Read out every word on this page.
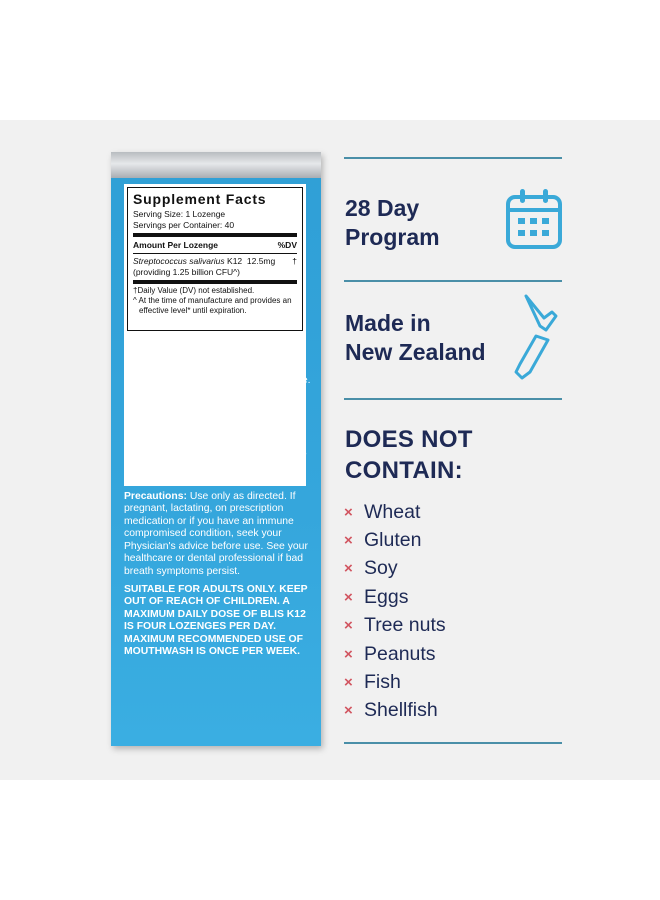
Supplement Facts
Serving Size: 1 Lozenge
Servings per Container: 40
Amount Per Lozenge	%DV
Streptococcus salivarius K12 12.5mg †
(providing 1.25 billion CFU^)
†Daily Value (DV) not established.
^ At the time of manufacture and provides an
effective level* until expiration.

Other Ingredients: Isomalt, Microcrystalline Cellulose, Magnesium Stearate, Natural Flavor, Silicon Dioxide.

May contain trace amounts of milk protein from the fermentation process.

Mouthwash 0.54 fl.oz./50ml
Ingredients: Deionised Water, Glycerine BP, Peppermint Flavor, Methylparaben, Cetylpyridinium Chloride.

Precautions: Use only as directed. If pregnant, lactating, on prescription medication or if you have an immune compromised condition, seek your Physician's advice before use. See your healthcare or dental professional if bad breath symptoms persist.

SUITABLE FOR ADULTS ONLY. KEEP OUT OF REACH OF CHILDREN. A MAXIMUM DAILY DOSE OF BLIS K12 IS FOUR LOZENGES PER DAY. MAXIMUM RECOMMENDED USE OF MOUTHWASH IS ONCE PER WEEK.

28 Day
Program
Made in
New Zealand
DOES NOT
CONTAIN:
× Wheat
× Gluten
× Soy
× Eggs
× Tree nuts
× Peanuts
× Fish
× Shellfish
